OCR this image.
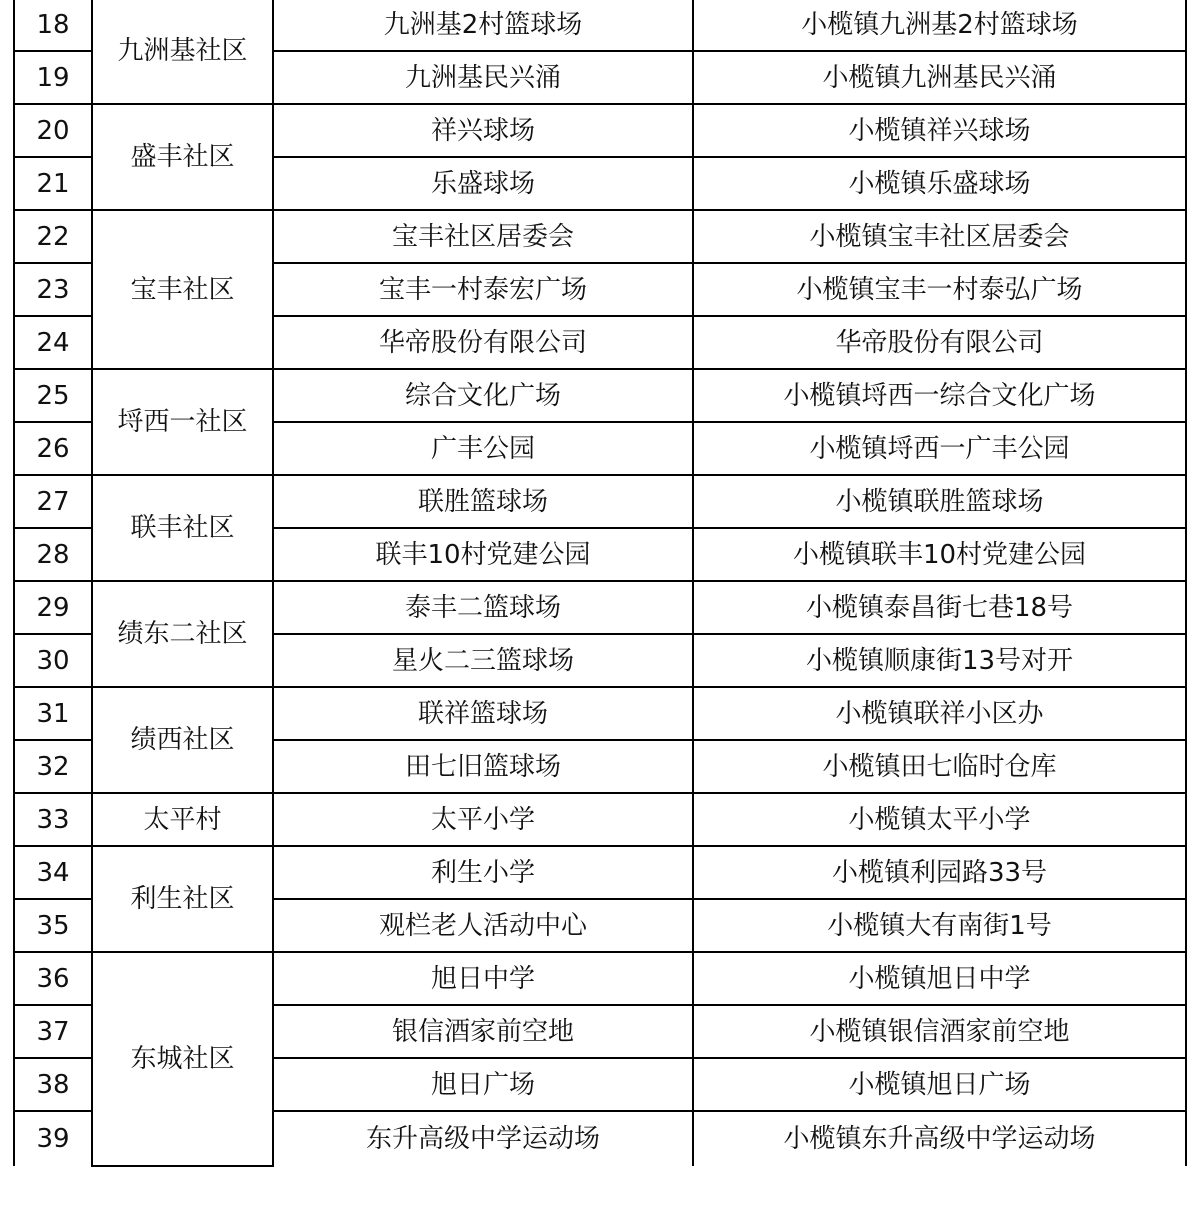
18	九洲基社区	九洲基2村篮球场	小榄镇九洲基2村篮球场
19		九洲基民兴涌	小榄镇九洲基民兴涌
20	盛丰社区	祥兴球场	小榄镇祥兴球场
21		乐盛球场	小榄镇乐盛球场
22	宝丰社区	宝丰社区居委会	小榄镇宝丰社区居委会
23		宝丰一村泰宏广场	小榄镇宝丰一村泰弘广场
24		华帝股份有限公司	华帝股份有限公司
25	埒西一社区	综合文化广场	小榄镇埒西一综合文化广场
26		广丰公园	小榄镇埒西一广丰公园
27	联丰社区	联胜篮球场	小榄镇联胜篮球场
28		联丰10村党建公园	小榄镇联丰10村党建公园
29	绩东二社区	泰丰二篮球场	小榄镇泰昌街七巷18号
30		星火二三篮球场	小榄镇顺康街13号对开
31	绩西社区	联祥篮球场	小榄镇联祥小区办
32		田七旧篮球场	小榄镇田七临时仓库
33	太平村	太平小学	小榄镇太平小学
34	利生社区	利生小学	小榄镇利园路33号
35		观栏老人活动中心	小榄镇大有南街1号
36	东城社区	旭日中学	小榄镇旭日中学
37		银信酒家前空地	小榄镇银信酒家前空地
38		旭日广场	小榄镇旭日广场
39		东升高级中学运动场	小榄镇东升高级中学运动场
